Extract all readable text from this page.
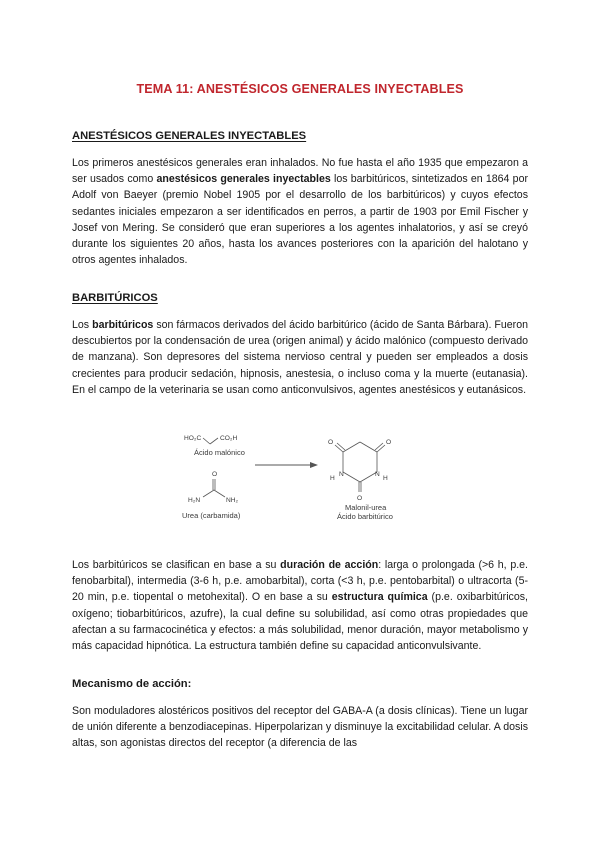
TEMA 11: ANESTÉSICOS GENERALES INYECTABLES
ANESTÉSICOS GENERALES INYECTABLES

Los primeros anestésicos generales eran inhalados. No fue hasta el año 1935 que empezaron a ser usados como anestésicos generales inyectables los barbitúricos, sintetizados en 1864 por Adolf von Baeyer (premio Nobel 1905 por el desarrollo de los barbitúricos) y cuyos efectos sedantes iniciales empezaron a ser identificados en perros, a partir de 1903 por Emil Fischer y Josef von Mering. Se consideró que eran superiores a los agentes inhalatorios, y así se creyó durante los siguientes 20 años, hasta los avances posteriores con la aparición del halotano y otros agentes inhalados.

BARBITÚRICOS

Los barbitúricos son fármacos derivados del ácido barbitúrico (ácido de Santa Bárbara). Fueron descubiertos por la condensación de urea (origen animal) y ácido malónico (compuesto derivado de manzana). Son depresores del sistema nervioso central y pueden ser empleados a dosis crecientes para producir sedación, hipnosis, anestesia, o incluso coma y la muerte (eutanasia). En el campo de la veterinaria se usan como anticonvulsivos, agentes anestésicos y eutanásicos.

HO₂C	CO₂H
Ácido malónico
O
H₂N	NH₂
Urea (carbamida)
O	O
O
N	N
H	H
Malonil-urea
Ácido barbitúrico

Los barbitúricos se clasifican en base a su duración de acción: larga o prolongada (>6 h, p.e. fenobarbital), intermedia (3-6 h, p.e. amobarbital), corta (<3 h, p.e. pentobarbital) o ultracorta (5-20 min, p.e. tiopental o metohexital). O en base a su estructura química (p.e. oxibarbitúricos, oxígeno; tiobarbitúricos, azufre), la cual define su solubilidad, así como otras propiedades que afectan a su farmacocinética y efectos: a más solubilidad, menor duración, mayor metabolismo y más capacidad hipnótica. La estructura también define su capacidad anticonvulsivante.

Mecanismo de acción:

Son moduladores alostéricos positivos del receptor del GABA-A (a dosis clínicas). Tiene un lugar de unión diferente a benzodiacepinas. Hiperpolarizan y disminuye la excitabilidad celular. A dosis altas, son agonistas directos del receptor (a diferencia de las
